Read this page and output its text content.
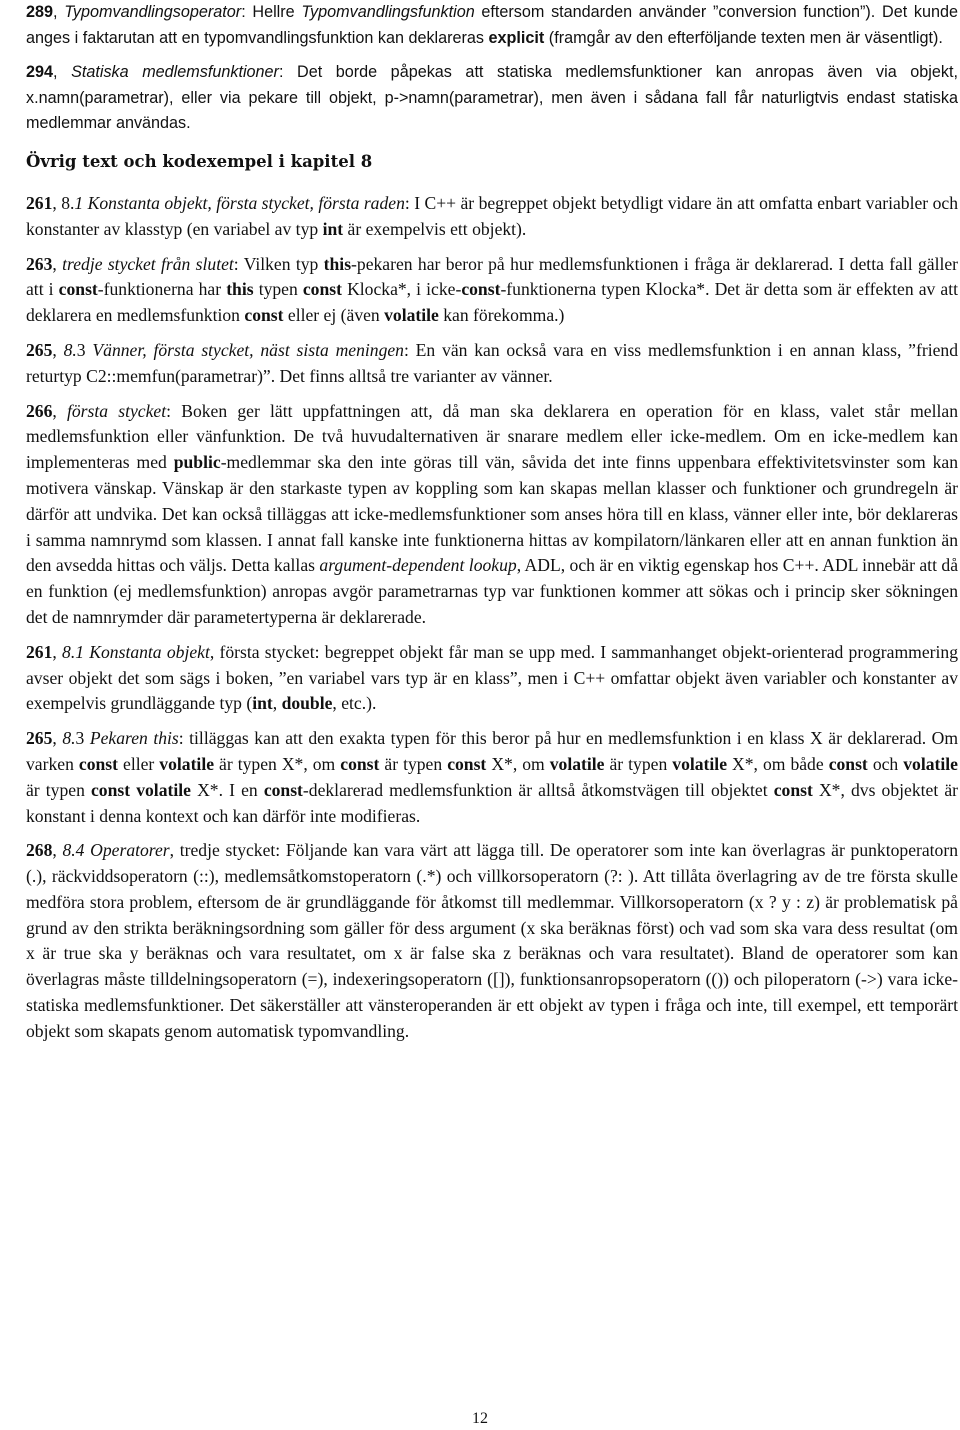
289, Typomvandlingsoperator: Hellre Typomvandlingsfunktion eftersom standarden använder ”conversion function”). Det kunde anges i faktarutan att en typomvandlingsfunktion kan deklareras explicit (framgår av den efterföljande texten men är väsentligt).

294, Statiska medlemsfunktioner: Det borde påpekas att statiska medlemsfunktioner kan anropas även via objekt, x.namn(parametrar), eller via pekare till objekt, p->namn(parametrar), men även i sådana fall får naturligtvis endast statiska medlemmar användas.

Övrig text och kodexempel i kapitel 8

261, 8.1 Konstanta objekt, första stycket, första raden: I C++ är begreppet objekt betydligt vidare än att omfatta enbart variabler och konstanter av klasstyp (en variabel av typ int är exempelvis ett objekt).

263, tredje stycket från slutet: Vilken typ this-pekaren har beror på hur medlemsfunktionen i fråga är deklarerad. I detta fall gäller att i const-funktionerna har this typen const Klocka*, i icke-const-funktionerna typen Klocka*. Det är detta som är effekten av att deklarera en medlemsfunktion const eller ej (även volatile kan förekomma.)

265, 8.3 Vänner, första stycket, näst sista meningen: En vän kan också vara en viss medlemsfunktion i en annan klass, ”friend returtyp C2::memfun(parametrar)”. Det finns alltså tre varianter av vänner.

266, första stycket: Boken ger lätt uppfattningen att, då man ska deklarera en operation för en klass, valet står mellan medlemsfunktion eller vänfunktion. De två huvudalternativen är snarare medlem eller icke-medlem. Om en icke-medlem kan implementeras med public-medlemmar ska den inte göras till vän, såvida det inte finns uppenbara effektivitetsvinster som kan motivera vänskap. Vänskap är den starkaste typen av koppling som kan skapas mellan klasser och funktioner och grundregeln är därför att undvika. Det kan också tilläggas att icke-medlemsfunktioner som anses höra till en klass, vänner eller inte, bör deklareras i samma namnrymd som klassen. I annat fall kanske inte funktionerna hittas av kompilatorn/länkaren eller att en annan funktion än den avsedda hittas och väljs. Detta kallas argument-dependent lookup, ADL, och är en viktig egenskap hos C++. ADL innebär att då en funktion (ej medlemsfunktion) anropas avgör parametrarnas typ var funktionen kommer att sökas och i princip sker sökningen det de namnrymder där parametertyperna är deklarerade.

261, 8.1 Konstanta objekt, första stycket: begreppet objekt får man se upp med. I sammanhanget objekt-orienterad programmering avser objekt det som sägs i boken, ”en variabel vars typ är en klass”, men i C++ omfattar objekt även variabler och konstanter av exempelvis grundläggande typ (int, double, etc.).

265, 8.3 Pekaren this: tilläggas kan att den exakta typen för this beror på hur en medlemsfunktion i en klass X är deklarerad. Om varken const eller volatile är typen X*, om const är typen const X*, om volatile är typen volatile X*, om både const och volatile är typen const volatile X*. I en const-deklarerad medlemsfunktion är alltså åtkomstvägen till objektet const X*, dvs objektet är konstant i denna kontext och kan därför inte modifieras.

268, 8.4 Operatorer, tredje stycket: Följande kan vara värt att lägga till. De operatorer som inte kan överlagras är punktoperatorn (.), räckviddsoperatorn (::), medlemsåtkomstoperatorn (.*) och villkorsoperatorn (?: ). Att tillåta överlagring av de tre första skulle medföra stora problem, eftersom de är grundläggande för åtkomst till medlemmar. Villkorsoperatorn (x ? y : z) är problematisk på grund av den strikta beräkningsordning som gäller för dess argument (x ska beräknas först) och vad som ska vara dess resultat (om x är true ska y beräknas och vara resultatet, om x är false ska z beräknas och vara resultatet). Bland de operatorer som kan överlagras måste tilldelningsoperatorn (=), indexeringsoperatorn ([]), funktionsanropsoperatorn (()) och piloperatorn (->) vara icke-statiska medlemsfunktioner. Det säkerställer att vänsteroperanden är ett objekt av typen i fråga och inte, till exempel, ett temporärt objekt som skapats genom automatisk typomvandling.

12
